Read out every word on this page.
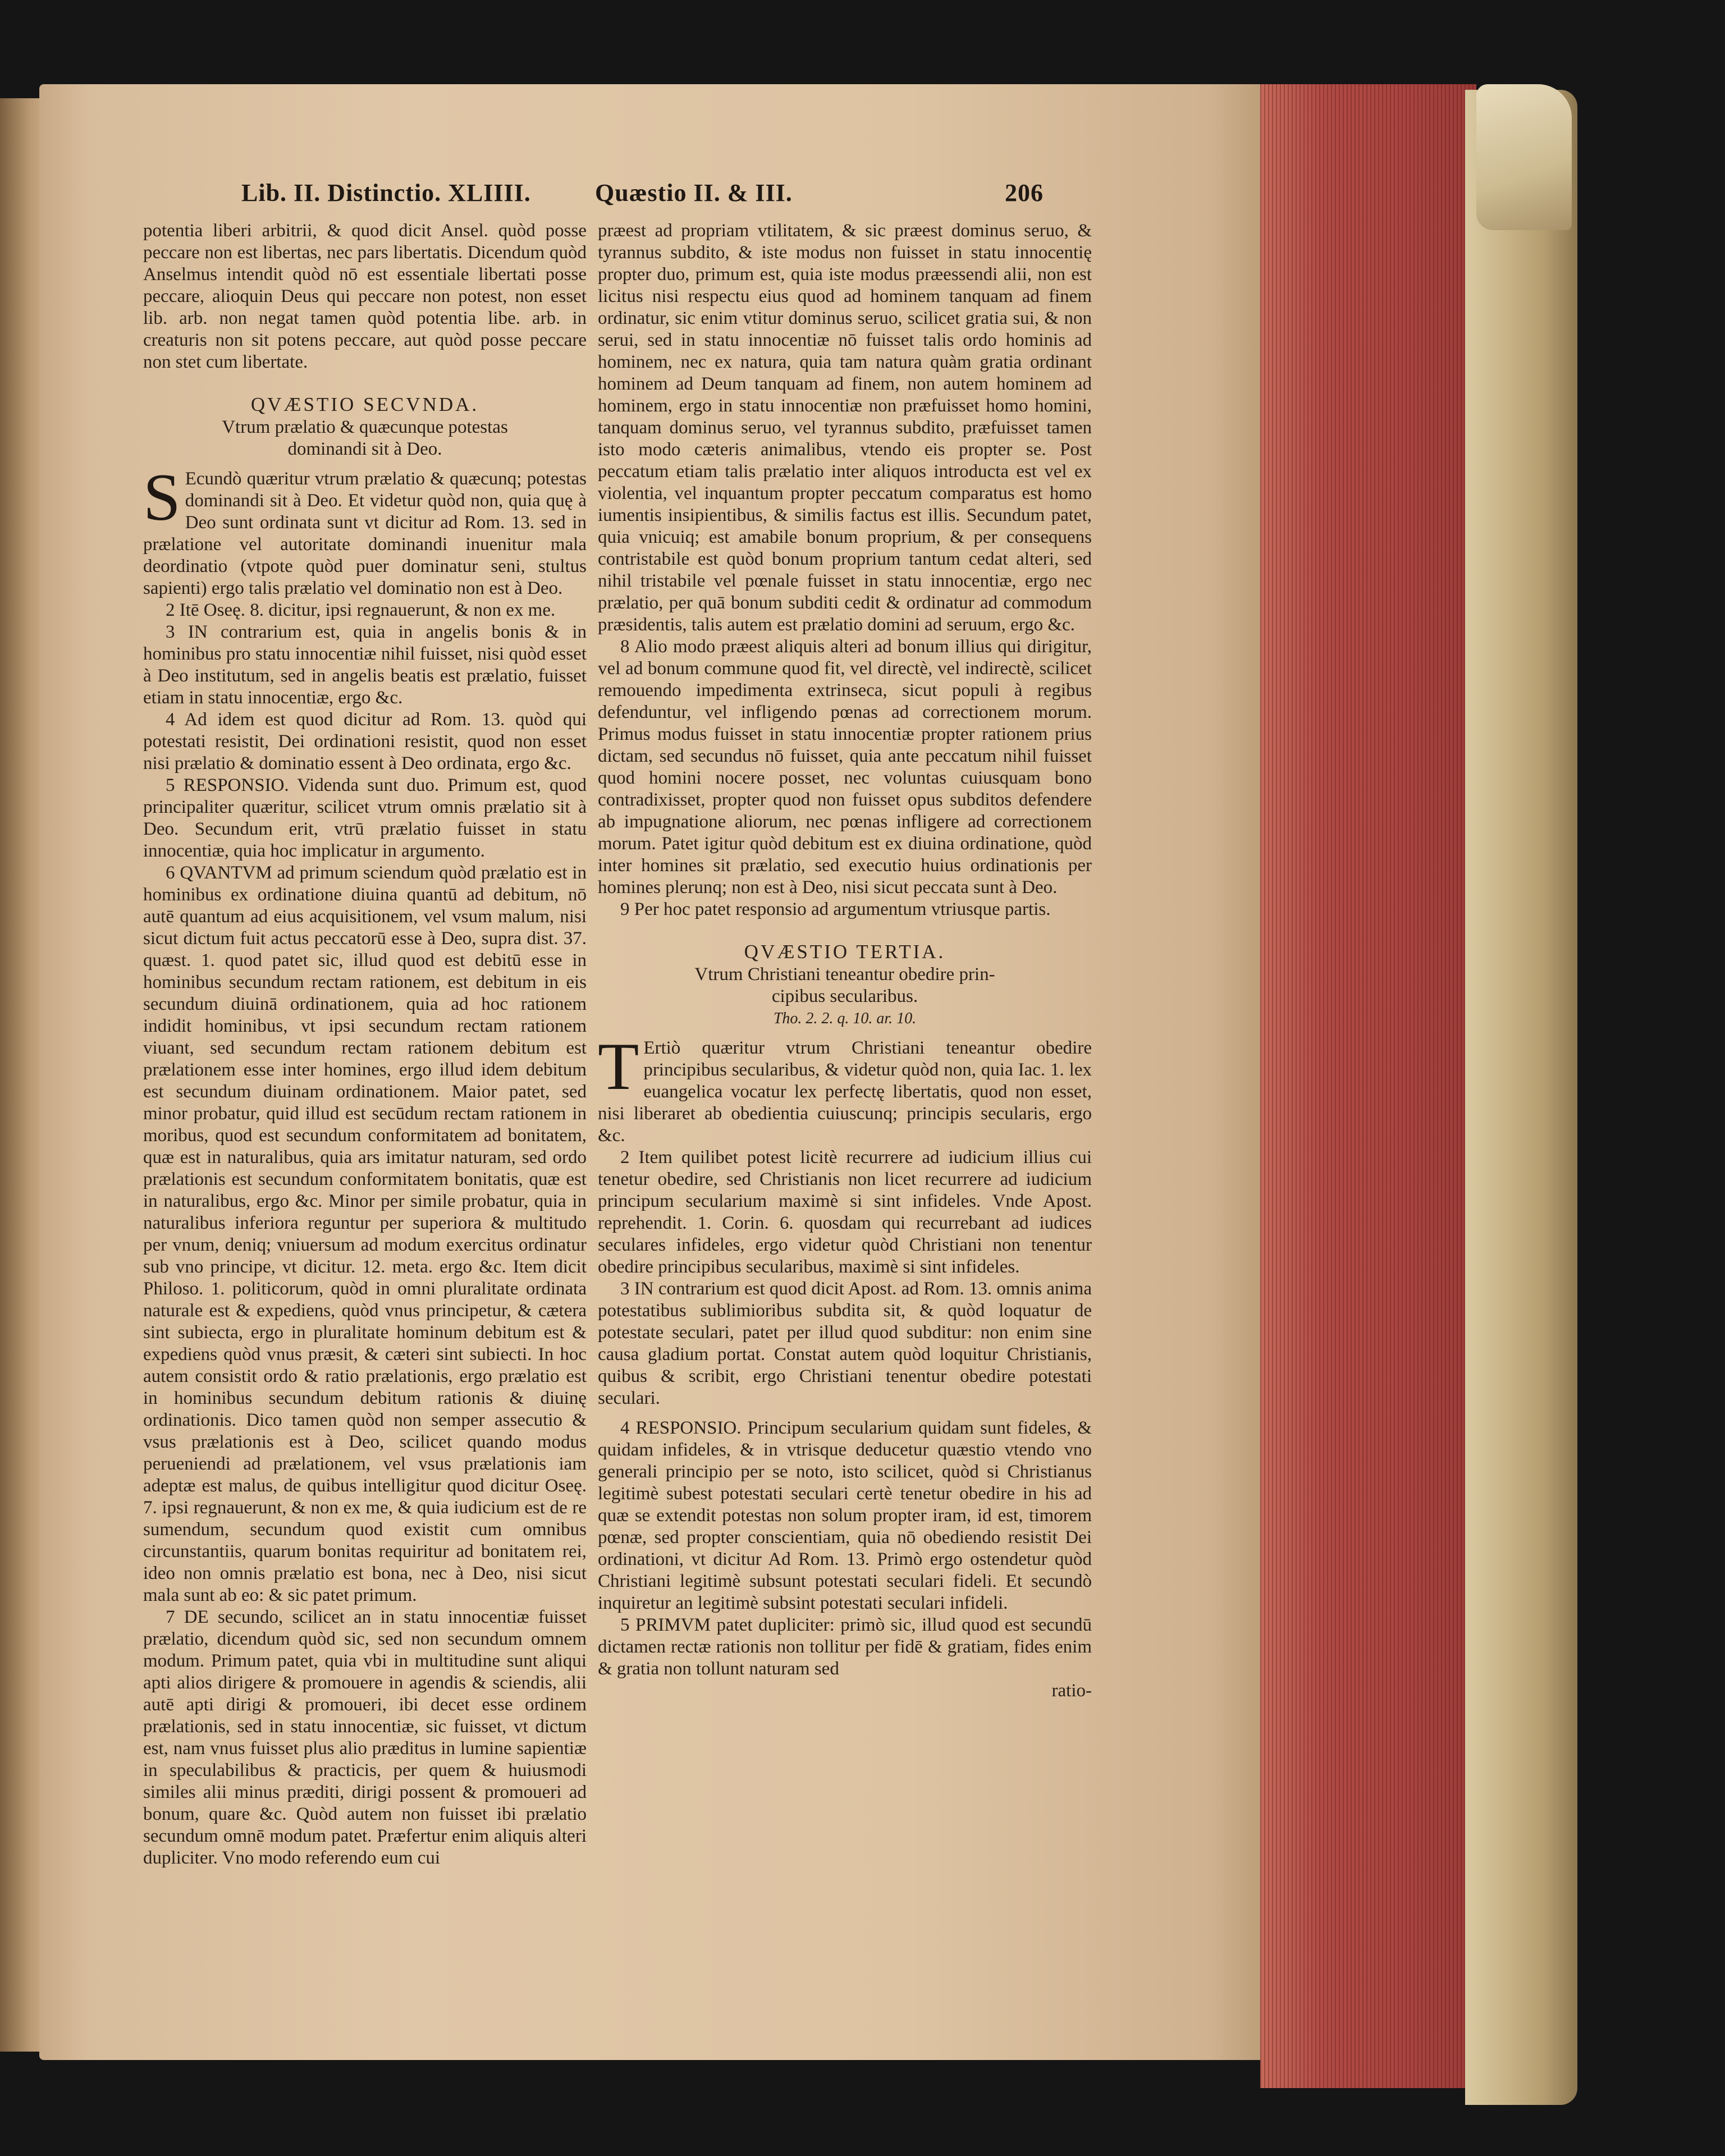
Lib. II. Distinctio. XLIIII.	Quæstio II. & III.	206

potentia liberi arbitrii, & quod dicit Ansel. quòd posse peccare non est libertas, nec pars libertatis. Dicendum quòd Anselmus intendit quòd nō est essentiale libertati posse peccare, alioquin Deus qui peccare non potest, non esset lib. arb. non negat tamen quòd potentia libe. arb. in creaturis non sit potens peccare, aut quòd posse peccare non stet cum libertate.

QVÆSTIO SECVNDA.

Vtrum prælatio & quæcunque potestas

dominandi sit à Deo.

S Ecundò quæritur vtrum prælatio & quæcunq; potestas dominandi sit à Deo. Et videtur quòd non, quia quę à Deo sunt ordinata sunt vt dicitur ad Rom. 13. sed in prælatione vel autoritate dominandi inuenitur mala deordinatio (vtpote quòd puer dominatur seni, stultus sapienti) ergo talis prælatio vel dominatio non est à Deo.

2 Itē Oseę. 8. dicitur, ipsi regnauerunt, & non ex me.

3 IN contrarium est, quia in angelis bonis & in hominibus pro statu innocentiæ nihil fuisset, nisi quòd esset à Deo institutum, sed in angelis beatis est prælatio, fuisset etiam in statu innocentiæ, ergo &c.

4 Ad idem est quod dicitur ad Rom. 13. quòd qui potestati resistit, Dei ordinationi resistit, quod non esset nisi prælatio & dominatio essent à Deo ordinata, ergo &c.

5 RESPONSIO. Videnda sunt duo. Primum est, quod principaliter quæritur, scilicet vtrum omnis prælatio sit à Deo. Secundum erit, vtrū prælatio fuisset in statu innocentiæ, quia hoc implicatur in argumento.

6 QVANTVM ad primum sciendum quòd prælatio est in hominibus ex ordinatione diuina quantū ad debitum, nō autē quantum ad eius acquisitionem, vel vsum malum, nisi sicut dictum fuit actus peccatorū esse à Deo, supra dist. 37. quæst. 1. quod patet sic, illud quod est debitū esse in hominibus secundum rectam rationem, est debitum in eis secundum diuinā ordinationem, quia ad hoc rationem indidit hominibus, vt ipsi secundum rectam rationem viuant, sed secundum rectam rationem debitum est prælationem esse inter homines, ergo illud idem debitum est secundum diuinam ordinationem. Maior patet, sed minor probatur, quid illud est secūdum rectam rationem in moribus, quod est secundum conformitatem ad bonitatem, quæ est in naturalibus, quia ars imitatur naturam, sed ordo prælationis est secundum conformitatem bonitatis, quæ est in naturalibus, ergo &c. Minor per simile probatur, quia in naturalibus inferiora reguntur per superiora & multitudo per vnum, deniq; vniuersum ad modum exercitus ordinatur sub vno principe, vt dicitur. 12. meta. ergo &c. Item dicit Philoso. 1. politicorum, quòd in omni pluralitate ordinata naturale est & expediens, quòd vnus principetur, & cætera sint subiecta, ergo in pluralitate hominum debitum est & expediens quòd vnus præsit, & cæteri sint subiecti. In hoc autem consistit ordo & ratio prælationis, ergo prælatio est in hominibus secundum debitum rationis & diuinę ordinationis. Dico tamen quòd non semper assecutio & vsus prælationis est à Deo, scilicet quando modus perueniendi ad prælationem, vel vsus prælationis iam adeptæ est malus, de quibus intelligitur quod dicitur Oseę. 7. ipsi regnauerunt, & non ex me, & quia iudicium est de re sumendum, secundum quod existit cum omnibus circunstantiis, quarum bonitas requiritur ad bonitatem rei, ideo non omnis prælatio est bona, nec à Deo, nisi sicut mala sunt ab eo: & sic patet primum.

7 DE secundo, scilicet an in statu innocentiæ fuisset prælatio, dicendum quòd sic, sed non secundum omnem modum. Primum patet, quia vbi in multitudine sunt aliqui apti alios dirigere & promouere in agendis & sciendis, alii autē apti dirigi & promoueri, ibi decet esse ordinem prælationis, sed in statu innocentiæ, sic fuisset, vt dictum est, nam vnus fuisset plus alio præditus in lumine sapientiæ in speculabilibus & practicis, per quem & huiusmodi similes alii minus præditi, dirigi possent & promoueri ad bonum, quare &c. Quòd autem non fuisset ibi prælatio secundum omnē modum patet. Præfertur enim aliquis alteri dupliciter. Vno modo referendo eum cui

præest ad propriam vtilitatem, & sic præest dominus seruo, & tyrannus subdito, & iste modus non fuisset in statu innocentię propter duo, primum est, quia iste modus præessendi alii, non est licitus nisi respectu eius quod ad hominem tanquam ad finem ordinatur, sic enim vtitur dominus seruo, scilicet gratia sui, & non serui, sed in statu innocentiæ nō fuisset talis ordo hominis ad hominem, nec ex natura, quia tam natura quàm gratia ordinant hominem ad Deum tanquam ad finem, non autem hominem ad hominem, ergo in statu innocentiæ non præfuisset homo homini, tanquam dominus seruo, vel tyrannus subdito, præfuisset tamen isto modo cæteris animalibus, vtendo eis propter se. Post peccatum etiam talis prælatio inter aliquos introducta est vel ex violentia, vel inquantum propter peccatum comparatus est homo iumentis insipientibus, & similis factus est illis. Secundum patet, quia vnicuiq; est amabile bonum proprium, & per consequens contristabile est quòd bonum proprium tantum cedat alteri, sed nihil tristabile vel pœnale fuisset in statu innocentiæ, ergo nec prælatio, per quā bonum subditi cedit & ordinatur ad commodum præsidentis, talis autem est prælatio domini ad seruum, ergo &c.

8 Alio modo præest aliquis alteri ad bonum illius qui dirigitur, vel ad bonum commune quod fit, vel directè, vel indirectè, scilicet remouendo impedimenta extrinseca, sicut populi à regibus defenduntur, vel infligendo pœnas ad correctionem morum. Primus modus fuisset in statu innocentiæ propter rationem prius dictam, sed secundus nō fuisset, quia ante peccatum nihil fuisset quod homini nocere posset, nec voluntas cuiusquam bono contradixisset, propter quod non fuisset opus subditos defendere ab impugnatione aliorum, nec pœnas infligere ad correctionem morum. Patet igitur quòd debitum est ex diuina ordinatione, quòd inter homines sit prælatio, sed executio huius ordinationis per homines plerunq; non est à Deo, nisi sicut peccata sunt à Deo.

9 Per hoc patet responsio ad argumentum vtriusque partis.

QVÆSTIO TERTIA.

Vtrum Christiani teneantur obedire prin-

cipibus secularibus.

Tho. 2. 2. q. 10. ar. 10.

T Ertiò quæritur vtrum Christiani teneantur obedire principibus secularibus, & videtur quòd non, quia Iac. 1. lex euangelica vocatur lex perfectę libertatis, quod non esset, nisi liberaret ab obedientia cuiuscunq; principis secularis, ergo &c.

2 Item quilibet potest licitè recurrere ad iudicium illius cui tenetur obedire, sed Christianis non licet recurrere ad iudicium principum secularium maximè si sint infideles. Vnde Apost. reprehendit. 1. Corin. 6. quosdam qui recurrebant ad iudices seculares infideles, ergo videtur quòd Christiani non tenentur obedire principibus secularibus, maximè si sint infideles.

3 IN contrarium est quod dicit Apost. ad Rom. 13. omnis anima potestatibus sublimioribus subdita sit, & quòd loquatur de potestate seculari, patet per illud quod subditur: non enim sine causa gladium portat. Constat autem quòd loquitur Christianis, quibus & scribit, ergo Christiani tenentur obedire potestati seculari.

4 RESPONSIO. Principum secularium quidam sunt fideles, & quidam infideles, & in vtrisque deducetur quæstio vtendo vno generali principio per se noto, isto scilicet, quòd si Christianus legitimè subest potestati seculari certè tenetur obedire in his ad quæ se extendit potestas non solum propter iram, id est, timorem pœnæ, sed propter conscientiam, quia nō obediendo resistit Dei ordinationi, vt dicitur Ad Rom. 13. Primò ergo ostendetur quòd Christiani legitimè subsunt potestati seculari fideli. Et secundò inquiretur an legitimè subsint potestati seculari infideli.

5 PRIMVM patet dupliciter: primò sic, illud quod est secundū dictamen rectæ rationis non tollitur per fidē & gratiam, fides enim & gratia non tollunt naturam sed

ratio-
